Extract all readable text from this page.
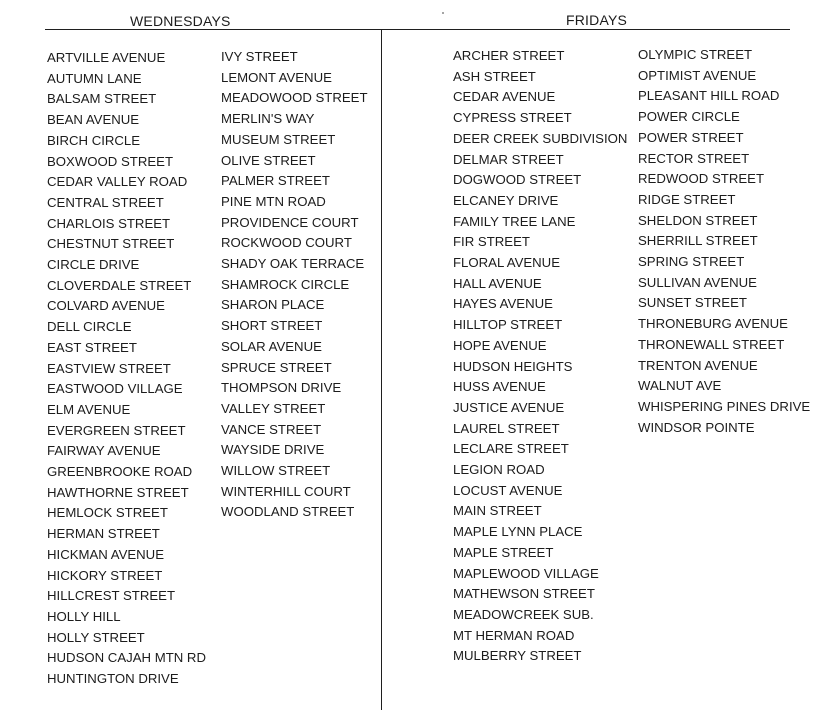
WEDNESDAYS	FRIDAYS
ARTVILLE AVENUE
AUTUMN LANE
BALSAM STREET
BEAN AVENUE
BIRCH CIRCLE
BOXWOOD STREET
CEDAR VALLEY ROAD
CENTRAL STREET
CHARLOIS STREET
CHESTNUT STREET
CIRCLE DRIVE
CLOVERDALE STREET
COLVARD AVENUE
DELL CIRCLE
EAST STREET
EASTVIEW STREET
EASTWOOD VILLAGE
ELM AVENUE
EVERGREEN STREET
FAIRWAY AVENUE
GREENBROOKE ROAD
HAWTHORNE STREET
HEMLOCK STREET
HERMAN STREET
HICKMAN AVENUE
HICKORY STREET
HILLCREST STREET
HOLLY HILL
HOLLY STREET
HUDSON CAJAH MTN RD
HUNTINGTON DRIVE
IVY STREET
LEMONT AVENUE
MEADOWOOD STREET
MERLIN'S WAY
MUSEUM STREET
OLIVE STREET
PALMER STREET
PINE MTN ROAD
PROVIDENCE COURT
ROCKWOOD COURT
SHADY OAK TERRACE
SHAMROCK CIRCLE
SHARON PLACE
SHORT STREET
SOLAR AVENUE
SPRUCE STREET
THOMPSON DRIVE
VALLEY STREET
VANCE STREET
WAYSIDE DRIVE
WILLOW STREET
WINTERHILL COURT
WOODLAND STREET
ARCHER STREET
ASH STREET
CEDAR AVENUE
CYPRESS STREET
DEER CREEK SUBDIVISION
DELMAR STREET
DOGWOOD STREET
ELCANEY DRIVE
FAMILY TREE LANE
FIR STREET
FLORAL AVENUE
HALL AVENUE
HAYES AVENUE
HILLTOP STREET
HOPE AVENUE
HUDSON HEIGHTS
HUSS AVENUE
JUSTICE AVENUE
LAUREL STREET
LECLARE STREET
LEGION ROAD
LOCUST AVENUE
MAIN STREET
MAPLE LYNN PLACE
MAPLE STREET
MAPLEWOOD VILLAGE
MATHEWSON STREET
MEADOWCREEK SUB.
MT HERMAN ROAD
MULBERRY STREET
OLYMPIC STREET
OPTIMIST AVENUE
PLEASANT HILL ROAD
POWER CIRCLE
POWER STREET
RECTOR STREET
REDWOOD STREET
RIDGE STREET
SHELDON STREET
SHERRILL STREET
SPRING STREET
SULLIVAN AVENUE
SUNSET STREET
THRONEBURG AVENUE
THRONEWALL STREET
TRENTON AVENUE
WALNUT AVE
WHISPERING PINES DRIVE
WINDSOR POINTE
